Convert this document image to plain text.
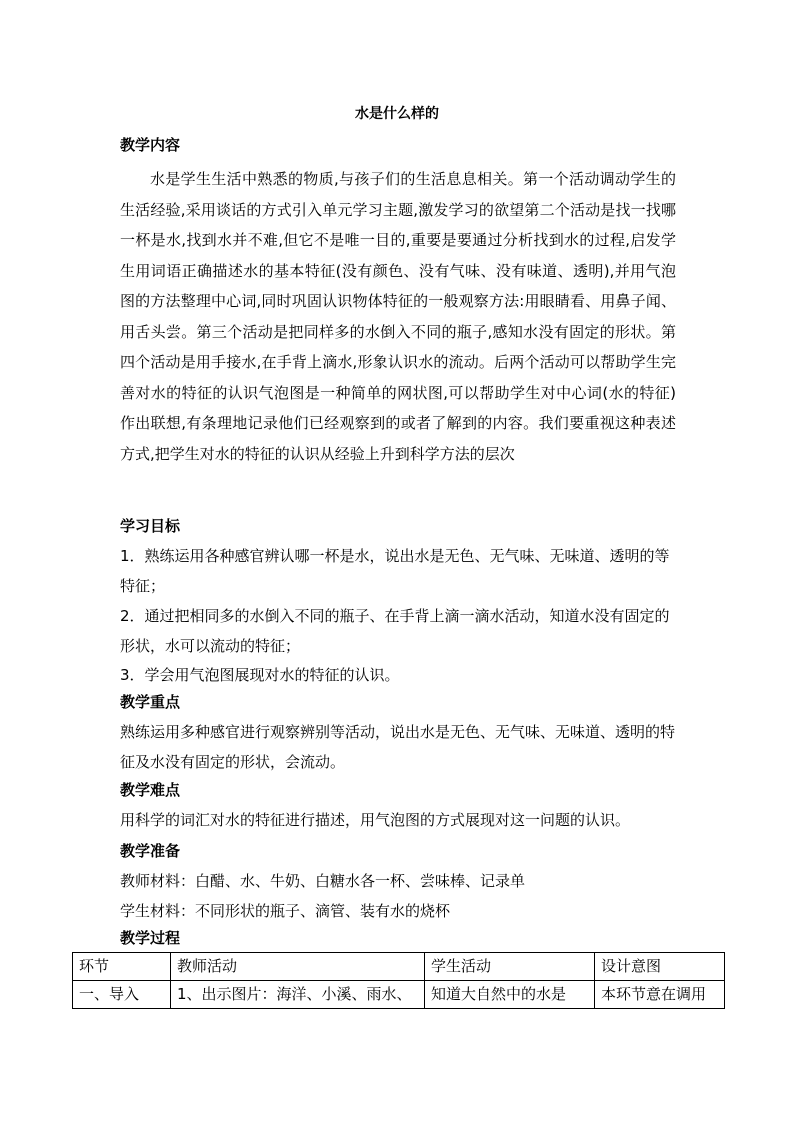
水是什么样的
教学内容
水是学生生活中熟悉的物质,与孩子们的生活息息相关。第一个活动调动学生的生活经验,采用谈话的方式引入单元学习主题,激发学习的欲望第二个活动是找一找哪一杯是水,找到水并不难,但它不是唯一目的,重要是要通过分析找到水的过程,启发学生用词语正确描述水的基本特征(没有颜色、没有气味、没有味道、透明),并用气泡图的方法整理中心词,同时巩固认识物体特征的一般观察方法:用眼睛看、用鼻子闻、用舌头尝。第三个活动是把同样多的水倒入不同的瓶子,感知水没有固定的形状。第四个活动是用手接水,在手背上滴水,形象认识水的流动。后两个活动可以帮助学生完善对水的特征的认识气泡图是一种简单的网状图,可以帮助学生对中心词(水的特征)作出联想,有条理地记录他们已经观察到的或者了解到的内容。我们要重视这种表述方式,把学生对水的特征的认识从经验上升到科学方法的层次
学习目标
1．熟练运用各种感官辨认哪一杯是水，说出水是无色、无气味、无味道、透明的等特征；
2．通过把相同多的水倒入不同的瓶子、在手背上滴一滴水活动，知道水没有固定的形状，水可以流动的特征；
3．学会用气泡图展现对水的特征的认识。
教学重点
熟练运用多种感官进行观察辨别等活动，说出水是无色、无气味、无味道、透明的特征及水没有固定的形状，会流动。
教学难点
用科学的词汇对水的特征进行描述，用气泡图的方式展现对这一问题的认识。
教学准备
教师材料：白醋、水、牛奶、白糖水各一杯、尝味棒、记录单
学生材料：不同形状的瓶子、滴管、装有水的烧杯
教学过程
环节	教师活动	学生活动	设计意图
一、导入	1、出示图片：海洋、小溪、雨水、	知道大自然中的水是	本环节意在调用
